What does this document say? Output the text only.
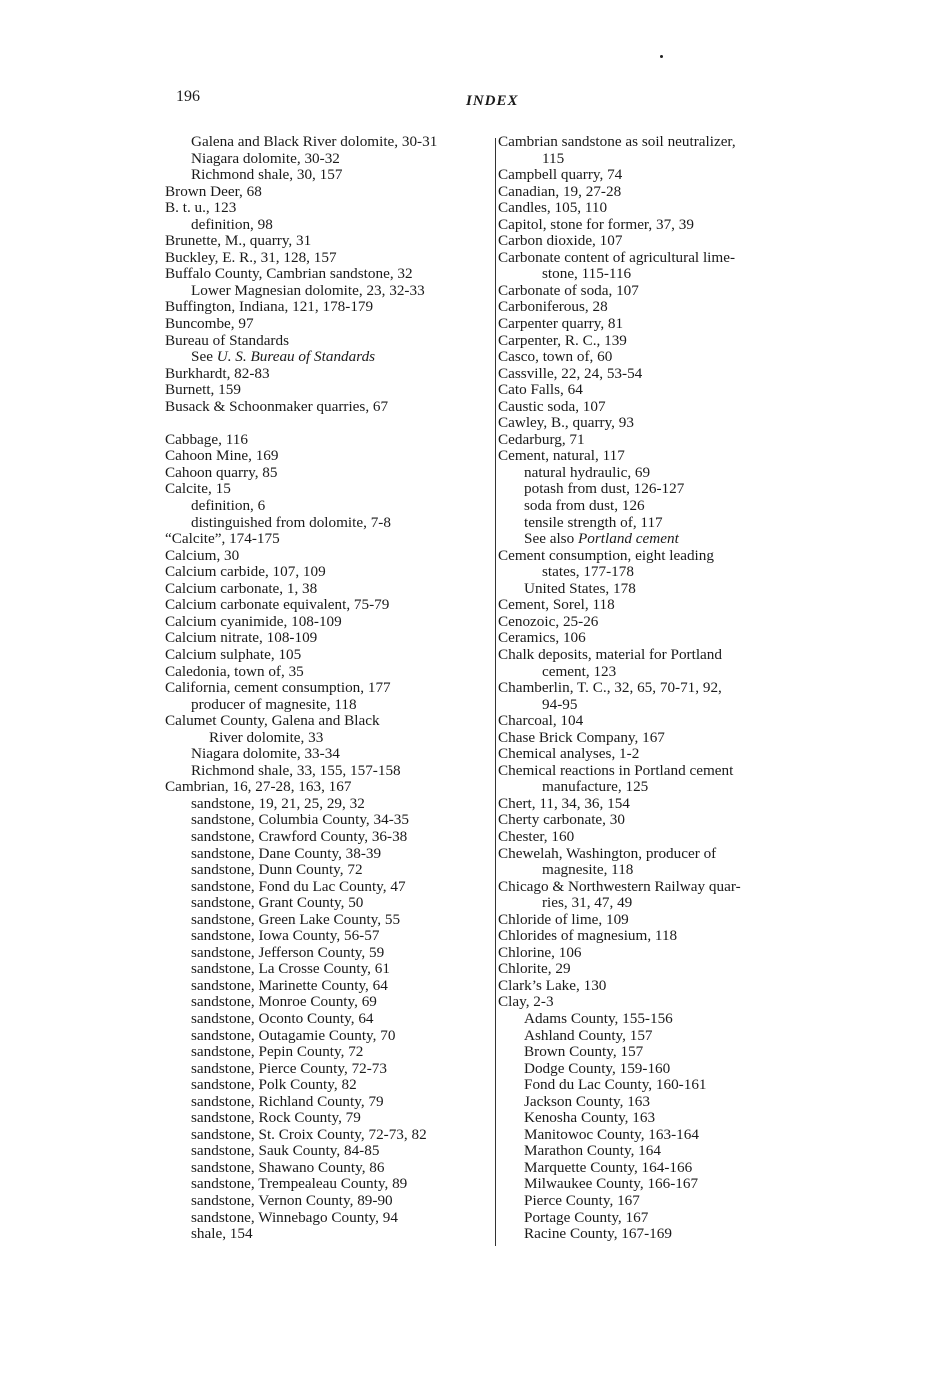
196	INDEX
Galena and Black River dolomite, 30-31
Niagara dolomite, 30-32
Richmond shale, 30, 157
Brown Deer, 68
B. t. u., 123
definition, 98
Brunette, M., quarry, 31
Buckley, E. R., 31, 128, 157
Buffalo County, Cambrian sandstone, 32
Lower Magnesian dolomite, 23, 32-33
Buffington, Indiana, 121, 178-179
Buncombe, 97
Bureau of Standards
See U. S. Bureau of Standards
Burkhardt, 82-83
Burnett, 159
Busack & Schoonmaker quarries, 67
Cabbage, 116
Cahoon Mine, 169
Cahoon quarry, 85
Calcite, 15
definition, 6
distinguished from dolomite, 7-8
“Calcite”, 174-175
Calcium, 30
Calcium carbide, 107, 109
Calcium carbonate, 1, 38
Calcium carbonate equivalent, 75-79
Calcium cyanimide, 108-109
Calcium nitrate, 108-109
Calcium sulphate, 105
Caledonia, town of, 35
California, cement consumption, 177
producer of magnesite, 118
Calumet County, Galena and Black
River dolomite, 33
Niagara dolomite, 33-34
Richmond shale, 33, 155, 157-158
Cambrian, 16, 27-28, 163, 167
sandstone, 19, 21, 25, 29, 32
sandstone, Columbia County, 34-35
sandstone, Crawford County, 36-38
sandstone, Dane County, 38-39
sandstone, Dunn County, 72
sandstone, Fond du Lac County, 47
sandstone, Grant County, 50
sandstone, Green Lake County, 55
sandstone, Iowa County, 56-57
sandstone, Jefferson County, 59
sandstone, La Crosse County, 61
sandstone, Marinette County, 64
sandstone, Monroe County, 69
sandstone, Oconto County, 64
sandstone, Outagamie County, 70
sandstone, Pepin County, 72
sandstone, Pierce County, 72-73
sandstone, Polk County, 82
sandstone, Richland County, 79
sandstone, Rock County, 79
sandstone, St. Croix County, 72-73, 82
sandstone, Sauk County, 84-85
sandstone, Shawano County, 86
sandstone, Trempealeau County, 89
sandstone, Vernon County, 89-90
sandstone, Winnebago County, 94
shale, 154
Cambrian sandstone as soil neutralizer,
115
Campbell quarry, 74
Canadian, 19, 27-28
Candles, 105, 110
Capitol, stone for former, 37, 39
Carbon dioxide, 107
Carbonate content of agricultural lime-
stone, 115-116
Carbonate of soda, 107
Carboniferous, 28
Carpenter quarry, 81
Carpenter, R. C., 139
Casco, town of, 60
Cassville, 22, 24, 53-54
Cato Falls, 64
Caustic soda, 107
Cawley, B., quarry, 93
Cedarburg, 71
Cement, natural, 117
natural hydraulic, 69
potash from dust, 126-127
soda from dust, 126
tensile strength of, 117
See also Portland cement
Cement consumption, eight leading
states, 177-178
United States, 178
Cement, Sorel, 118
Cenozoic, 25-26
Ceramics, 106
Chalk deposits, material for Portland
cement, 123
Chamberlin, T. C., 32, 65, 70-71, 92,
94-95
Charcoal, 104
Chase Brick Company, 167
Chemical analyses, 1-2
Chemical reactions in Portland cement
manufacture, 125
Chert, 11, 34, 36, 154
Cherty carbonate, 30
Chester, 160
Chewelah, Washington, producer of
magnesite, 118
Chicago & Northwestern Railway quar-
ries, 31, 47, 49
Chloride of lime, 109
Chlorides of magnesium, 118
Chlorine, 106
Chlorite, 29
Clark’s Lake, 130
Clay, 2-3
Adams County, 155-156
Ashland County, 157
Brown County, 157
Dodge County, 159-160
Fond du Lac County, 160-161
Jackson County, 163
Kenosha County, 163
Manitowoc County, 163-164
Marathon County, 164
Marquette County, 164-166
Milwaukee County, 166-167
Pierce County, 167
Portage County, 167
Racine County, 167-169
